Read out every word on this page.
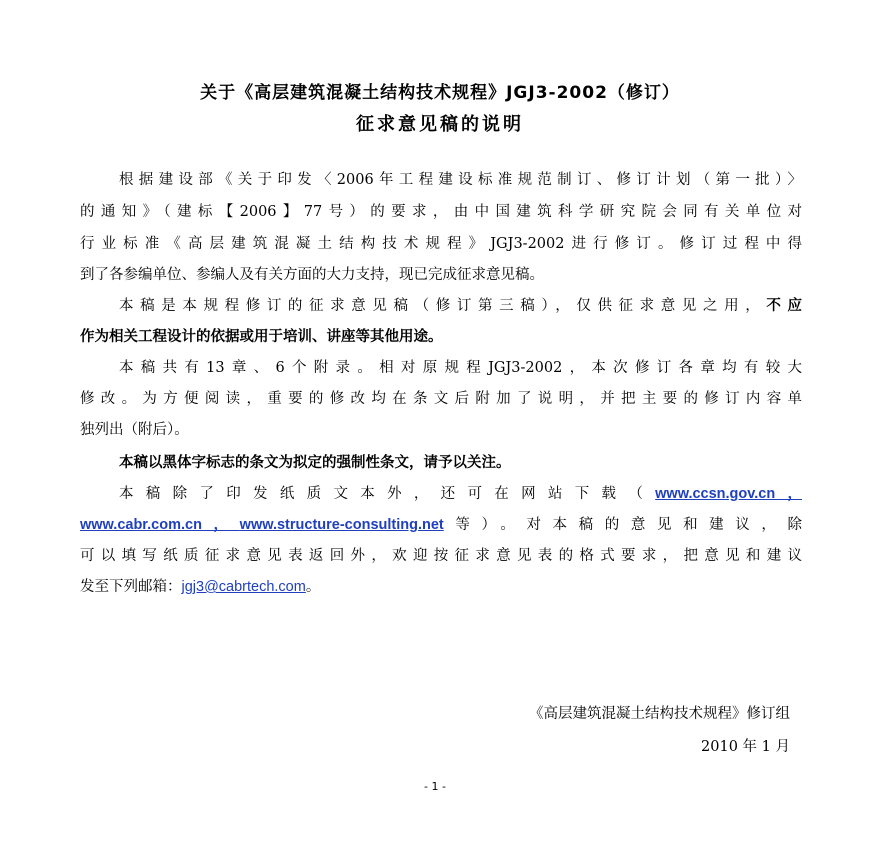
关于《高层建筑混凝土结构技术规程》JGJ3-2002（修订）
征求意见稿的说明
根据建设部《关于印发〈2006年工程建设标准规范制订、修订计划（第一批）〉
的通知》（建标【2006】77号）的要求，由中国建筑科学研究院会同有关单位对
行业标准《高层建筑混凝土结构技术规程》JGJ3-2002进行修订。修订过程中得
到了各参编单位、参编人及有关方面的大力支持，现已完成征求意见稿。
本稿是本规程修订的征求意见稿（修订第三稿），仅供征求意见之用，不应
作为相关工程设计的依据或用于培训、讲座等其他用途。
本稿共有13章、6个附录。相对原规程JGJ3-2002，本次修订各章均有较大
修改。为方便阅读，重要的修改均在条文后附加了说明，并把主要的修订内容单
独列出（附后）。
本稿以黑体字标志的条文为拟定的强制性条文，请予以关注。
本稿除了印发纸质文本外，还可在网站下载（www.ccsn.gov.cn，
www.cabr.com.cn，www.structure-consulting.net等）。对本稿的意见和建议，除
可以填写纸质征求意见表返回外，欢迎按征求意见表的格式要求，把意见和建议
发至下列邮箱：jgj3@cabrtech.com。
《高层建筑混凝土结构技术规程》修订组
2010 年 1 月
- 1 -
